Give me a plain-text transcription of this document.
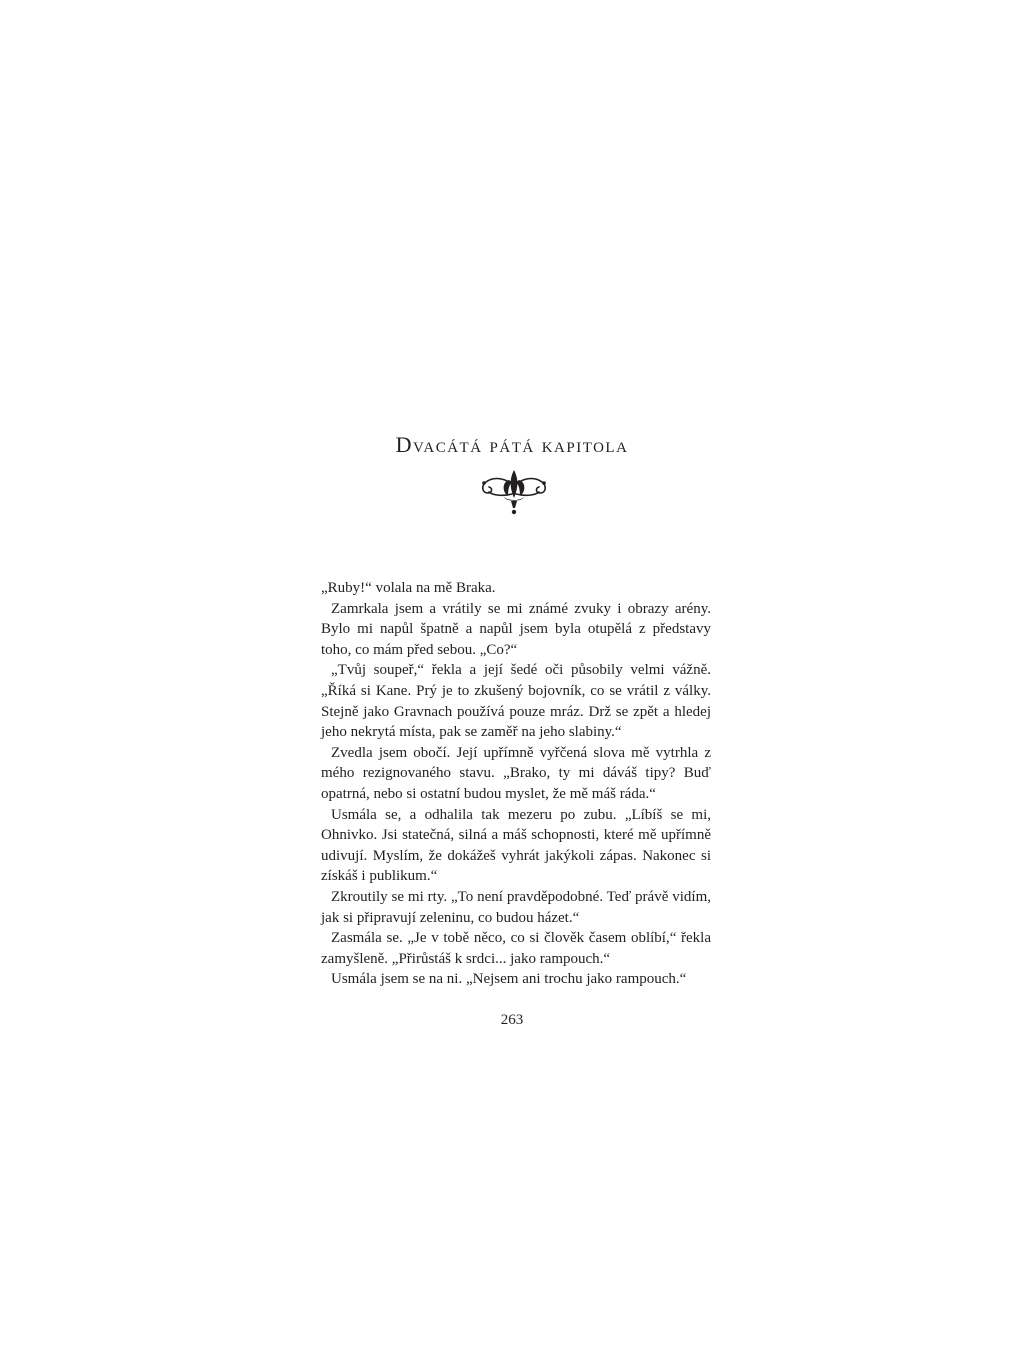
Dvacátá pátá kapitola

„Ruby!“ volala na mě Braka.

Zamrkala jsem a vrátily se mi známé zvuky i obrazy arény. Bylo mi napůl špatně a napůl jsem byla otupělá z představy toho, co mám před sebou. „Co?“

„Tvůj soupeř,“ řekla a její šedé oči působily velmi vážně. „Říká si Kane. Prý je to zkušený bojovník, co se vrátil z války. Stejně jako Gravnach používá pouze mráz. Drž se zpět a hledej jeho nekrytá místa, pak se zaměř na jeho slabiny.“

Zvedla jsem obočí. Její upřímně vyřčená slova mě vytrhla z mého rezignovaného stavu. „Brako, ty mi dáváš tipy? Buď opatrná, nebo si ostatní budou myslet, že mě máš ráda.“

Usmála se, a odhalila tak mezeru po zubu. „Líbíš se mi, Ohnivko. Jsi statečná, silná a máš schopnosti, které mě upřímně udivují. Myslím, že dokážeš vyhrát jakýkoli zápas. Nakonec si získáš i publikum.“

Zkroutily se mi rty. „To není pravděpodobné. Teď právě vidím, jak si připravují zeleninu, co budou házet.“

Zasmála se. „Je v tobě něco, co si člověk časem oblíbí,“ řekla zamyšleně. „Přirůstáš k srdci... jako rampouch.“

Usmála jsem se na ni. „Nejsem ani trochu jako rampouch.“

263
